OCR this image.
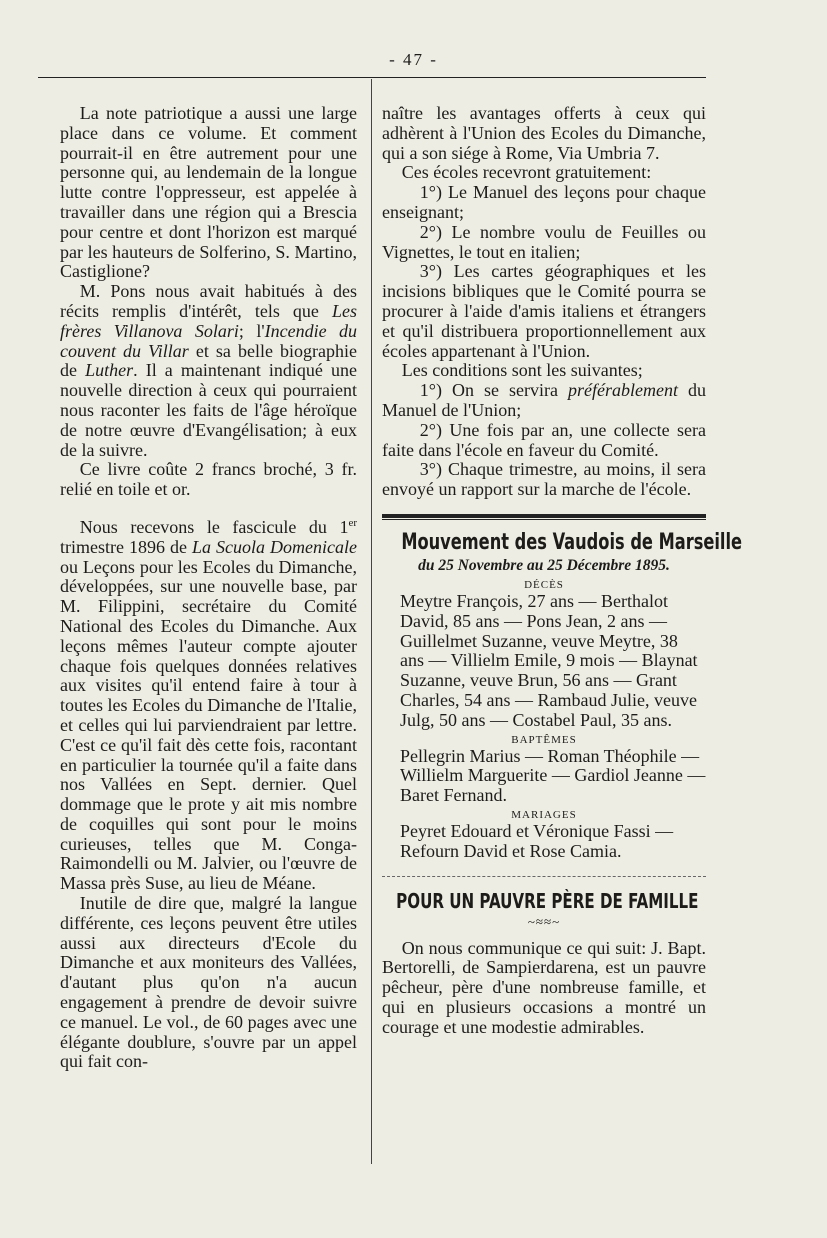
- 47 -

La note patriotique a aussi une large place dans ce volume. Et comment pourrait-il en être autrement pour une personne qui, au lendemain de la longue lutte contre l'oppresseur, est appelée à travailler dans une région qui a Brescia pour centre et dont l'horizon est marqué par les hauteurs de Solferino, S. Martino, Castiglione?

M. Pons nous avait habitués à des récits remplis d'intérêt, tels que Les frères Villanova Solari; l'Incendie du couvent du Villar et sa belle biographie de Luther. Il a maintenant indiqué une nouvelle direction à ceux qui pourraient nous raconter les faits de l'âge héroïque de notre œuvre d'Evangélisation; à eux de la suivre.

Ce livre coûte 2 francs broché, 3 fr. relié en toile et or.

Nous recevons le fascicule du 1er trimestre 1896 de La Scuola Domenicale ou Leçons pour les Ecoles du Dimanche, développées, sur une nouvelle base, par M. Filippini, secrétaire du Comité National des Ecoles du Dimanche. Aux leçons mêmes l'auteur compte ajouter chaque fois quelques données relatives aux visites qu'il entend faire à tour à toutes les Ecoles du Dimanche de l'Italie, et celles qui lui parviendraient par lettre. C'est ce qu'il fait dès cette fois, racontant en particulier la tournée qu'il a faite dans nos Vallées en Sept. dernier. Quel dommage que le prote y ait mis nombre de coquilles qui sont pour le moins curieuses, telles que M. Conga-Raimondelli ou M. Jalvier, ou l'œuvre de Massa près Suse, au lieu de Méane.

Inutile de dire que, malgré la langue différente, ces leçons peuvent être utiles aussi aux directeurs d'Ecole du Dimanche et aux moniteurs des Vallées, d'autant plus qu'on n'a aucun engagement à prendre de devoir suivre ce manuel. Le vol., de 60 pages avec une élégante doublure, s'ouvre par un appel qui fait con-

naître les avantages offerts à ceux qui adhèrent à l'Union des Ecoles du Dimanche, qui a son siége à Rome, Via Umbria 7.

Ces écoles recevront gratuitement:

1°) Le Manuel des leçons pour chaque enseignant;

2°) Le nombre voulu de Feuilles ou Vignettes, le tout en italien;

3°) Les cartes géographiques et les incisions bibliques que le Comité pourra se procurer à l'aide d'amis italiens et étrangers et qu'il distribuera proportionnellement aux écoles appartenant à l'Union.

Les conditions sont les suivantes;

1°) On se servira préférablement du Manuel de l'Union;

2°) Une fois par an, une collecte sera faite dans l'école en faveur du Comité.

3°) Chaque trimestre, au moins, il sera envoyé un rapport sur la marche de l'école.

Mouvement des Vaudois de Marseille
du 25 Novembre au 25 Décembre 1895.
DÉCÈS

Meytre François, 27 ans — Berthalot David, 85 ans — Pons Jean, 2 ans — Guillelmet Suzanne, veuve Meytre, 38 ans — Villielm Emile, 9 mois — Blaynat Suzanne, veuve Brun, 56 ans — Grant Charles, 54 ans — Rambaud Julie, veuve Julg, 50 ans — Costabel Paul, 35 ans.

BAPTÊMES

Pellegrin Marius — Roman Théophile — Willielm Marguerite — Gardiol Jeanne — Baret Fernand.

MARIAGES

Peyret Edouard et Véronique Fassi — Refourn David et Rose Camia.

POUR UN PAUVRE PÈRE DE FAMILLE
~≈≈~

On nous communique ce qui suit: J. Bapt. Bertorelli, de Sampierdarena, est un pauvre pêcheur, père d'une nombreuse famille, et qui en plusieurs occasions a montré un courage et une modestie admirables.
